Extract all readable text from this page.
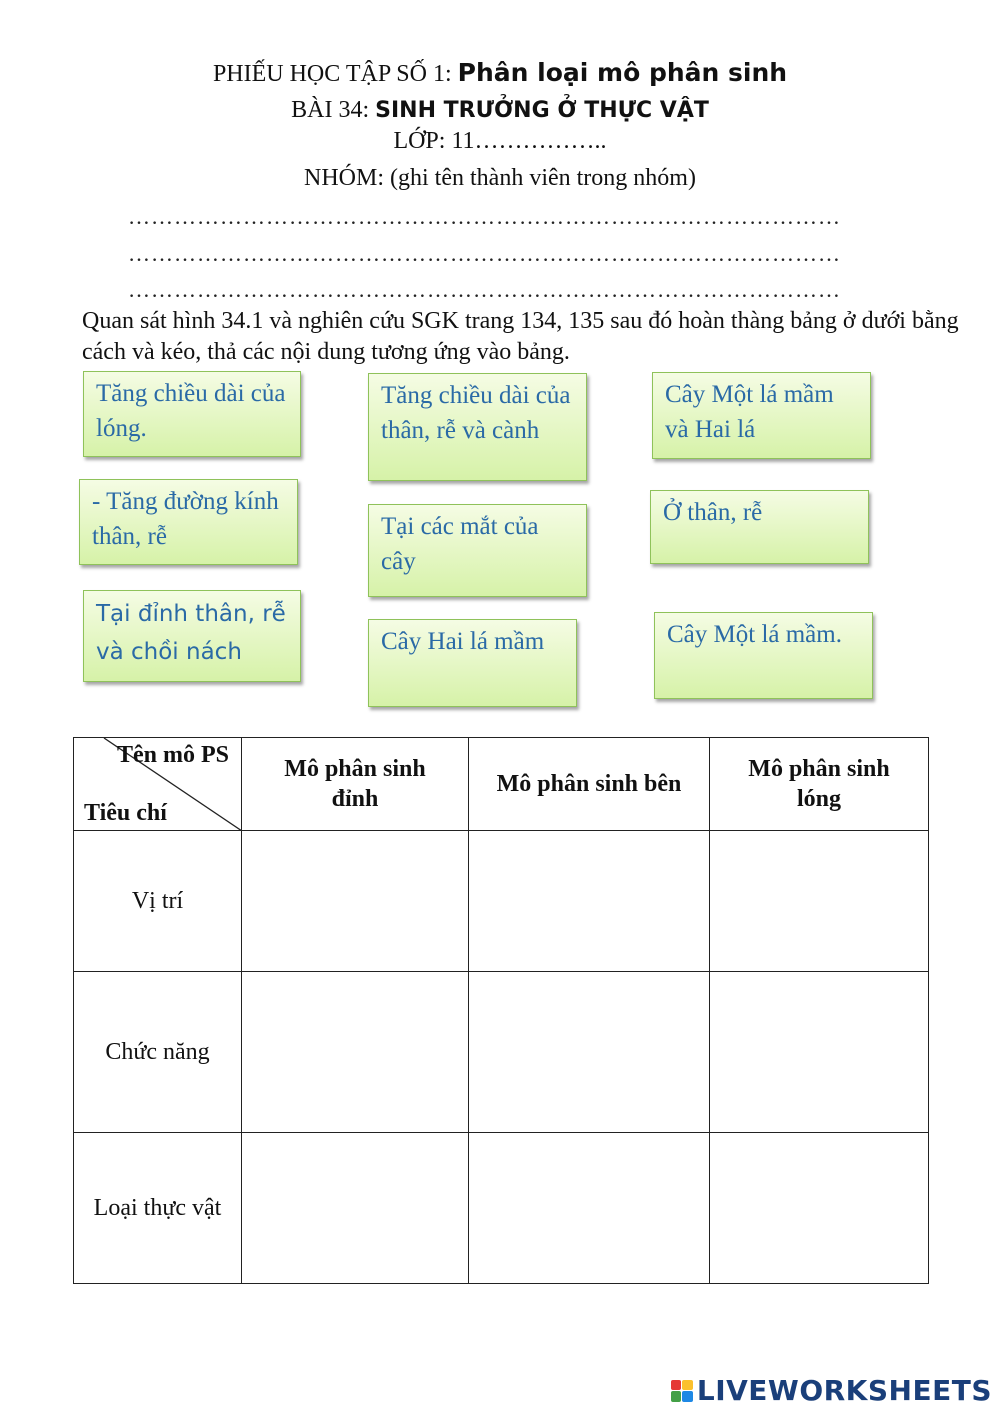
PHIẾU HỌC TẬP SỐ 1: Phân loại mô phân sinh
BÀI 34: SINH TRƯỞNG Ở THỰC VẬT
LỚP: 11……………..
NHÓM: (ghi tên thành viên trong nhóm)
…………………………………………………………………………………
…………………………………………………………………………………
…………………………………………………………………………………
Quan sát hình 34.1 và nghiên cứu SGK trang 134, 135 sau đó hoàn thàng bảng ở dưới bằng cách và kéo, thả các nội dung tương ứng vào bảng.
Tăng chiều dài của lóng.
Tăng chiều dài của thân, rễ và cành
Cây Một lá mầm và Hai lá
- Tăng đường kính thân, rễ	Tại các mắt của cây
Ở thân, rễ
Tại đỉnh thân, rễ và chồi nách	Cây Hai lá mầm	Cây Một lá mầm.
Tên mô PS
Tiêu chí	Mô phân sinh đỉnh	Mô phân sinh bên	Mô phân sinh lóng
Vị trí			
Chức năng			
Loại thực vật			
LIVEWORKSHEETS
